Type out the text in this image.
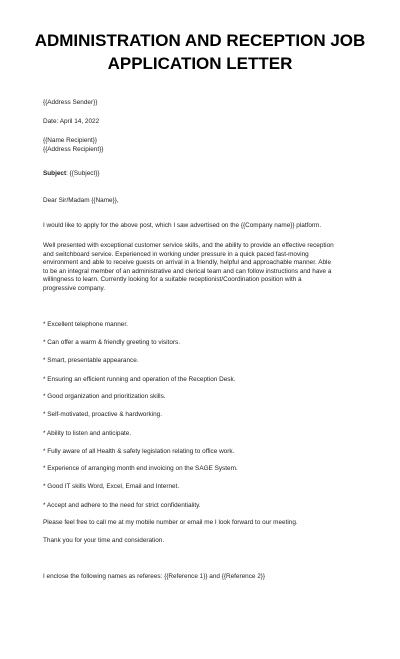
ADMINISTRATION AND RECEPTION JOB
APPLICATION LETTER
{{Address Sender}}
Date: April 14, 2022
{{Name Recipient}}
{{Address Recipient}}
Subject: {{Subject}}
Dear Sir/Madam {{Name}},
I would like to apply for the above post, which I saw advertised on the {{Company name}} platform.
Well presented with exceptional customer service skills, and the ability to provide an effective reception
and switchboard service. Experienced in working under pressure in a quick paced fast-moving
environment and able to receive guests on arrival in a friendly, helpful and approachable manner. Able
to be an integral member of an administrative and clerical team and can follow instructions and have a
willingness to learn. Currently looking for a suitable receptionist/Coordination position with a
progressive company.
* Excellent telephone manner.
* Can offer a warm & friendly greeting to visitors.
* Smart, presentable appearance.
* Ensuring an efficient running and operation of the Reception Desk.
* Good organization and prioritization skills.
* Self-motivated, proactive & hardworking.
* Ability to listen and anticipate.
* Fully aware of all Health & safety legislation relating to office work.
* Experience of arranging month end invoicing on the SAGE System.
* Good IT skills Word, Excel, Email and Internet.
* Accept and adhere to the need for strict confidentiality.
Please feel free to call me at my mobile number or email me I look forward to our meeting.
Thank you for your time and consideration.
I enclose the following names as referees: {{Reference 1}} and {{Reference 2}}
